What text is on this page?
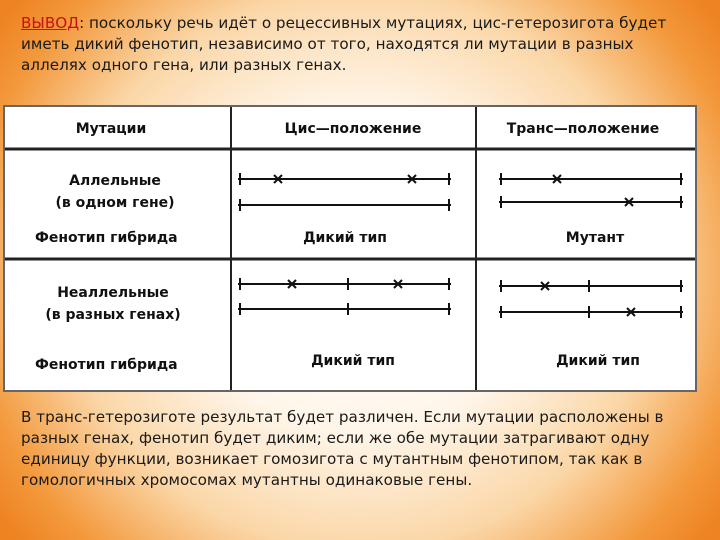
ВЫВОД: поскольку речь идёт о рецессивных мутациях, цис-гетерозигота будет иметь дикий фенотип, независимо от того, находятся ли мутации в разных аллелях одного гена, или разных генах.
Мутации	Цис—положение	Транс—положение
Аллельные
(в одном гене)
Фенотип гибрида	Дикий тип	Мутант
Неаллельные
(в разных генах)
Фенотип гибрида	Дикий тип	Дикий тип
В транс-гетерозиготе результат будет различен. Если мутации расположены в разных генах, фенотип будет диким; если же обе мутации затрагивают одну единицу функции, возникает гомозигота с мутантным фенотипом, так как в гомологичных хромосомах мутантны одинаковые гены.
